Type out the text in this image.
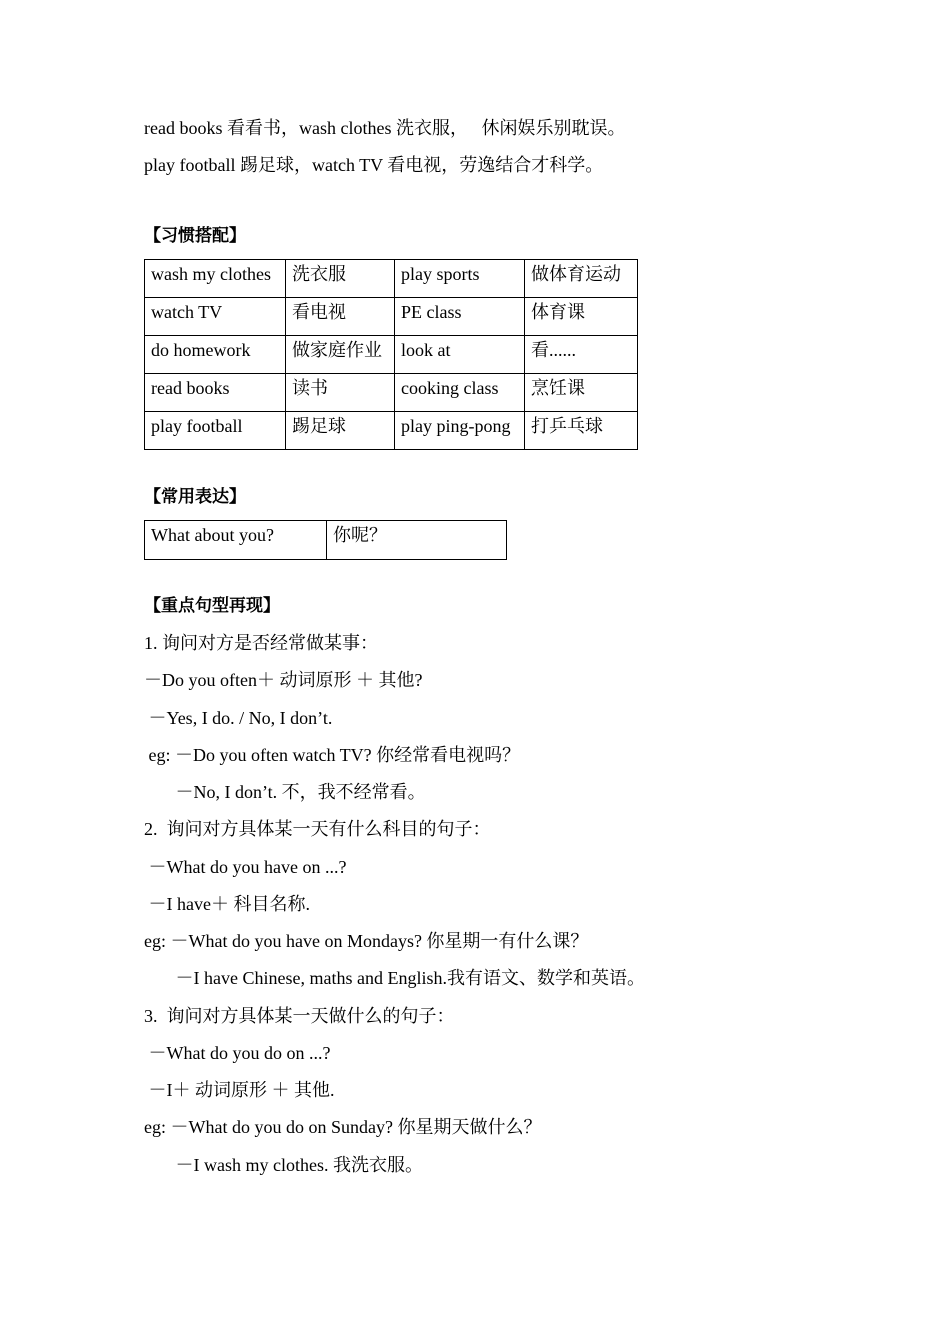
read books 看看书，wash clothes 洗衣服，   休闲娱乐别耽误。
play football 踢足球，watch TV 看电视，劳逸结合才科学。
【习惯搭配】
wash my clothes	洗衣服	play sports	做体育运动
watch TV	看电视	PE class	体育课
do homework	做家庭作业	look at	看......
read books	读书	cooking class	烹饪课
play football	踢足球	play ping-pong	打乒乓球
【常用表达】
What about you?	你呢？
【重点句型再现】
1. 询问对方是否经常做某事：
－Do you often＋ 动词原形 ＋ 其他?
－Yes, I do. / No, I don’t.
eg: －Do you often watch TV? 你经常看电视吗？
－No, I don’t. 不，我不经常看。
2.  询问对方具体某一天有什么科目的句子：
－What do you have on ...?
－I have＋ 科目名称.
eg: －What do you have on Mondays? 你星期一有什么课？
－I have Chinese, maths and English.我有语文、数学和英语。
3.  询问对方具体某一天做什么的句子：
－What do you do on ...?
－I＋ 动词原形 ＋ 其他.
eg: －What do you do on Sunday? 你星期天做什么？
－I wash my clothes. 我洗衣服。
